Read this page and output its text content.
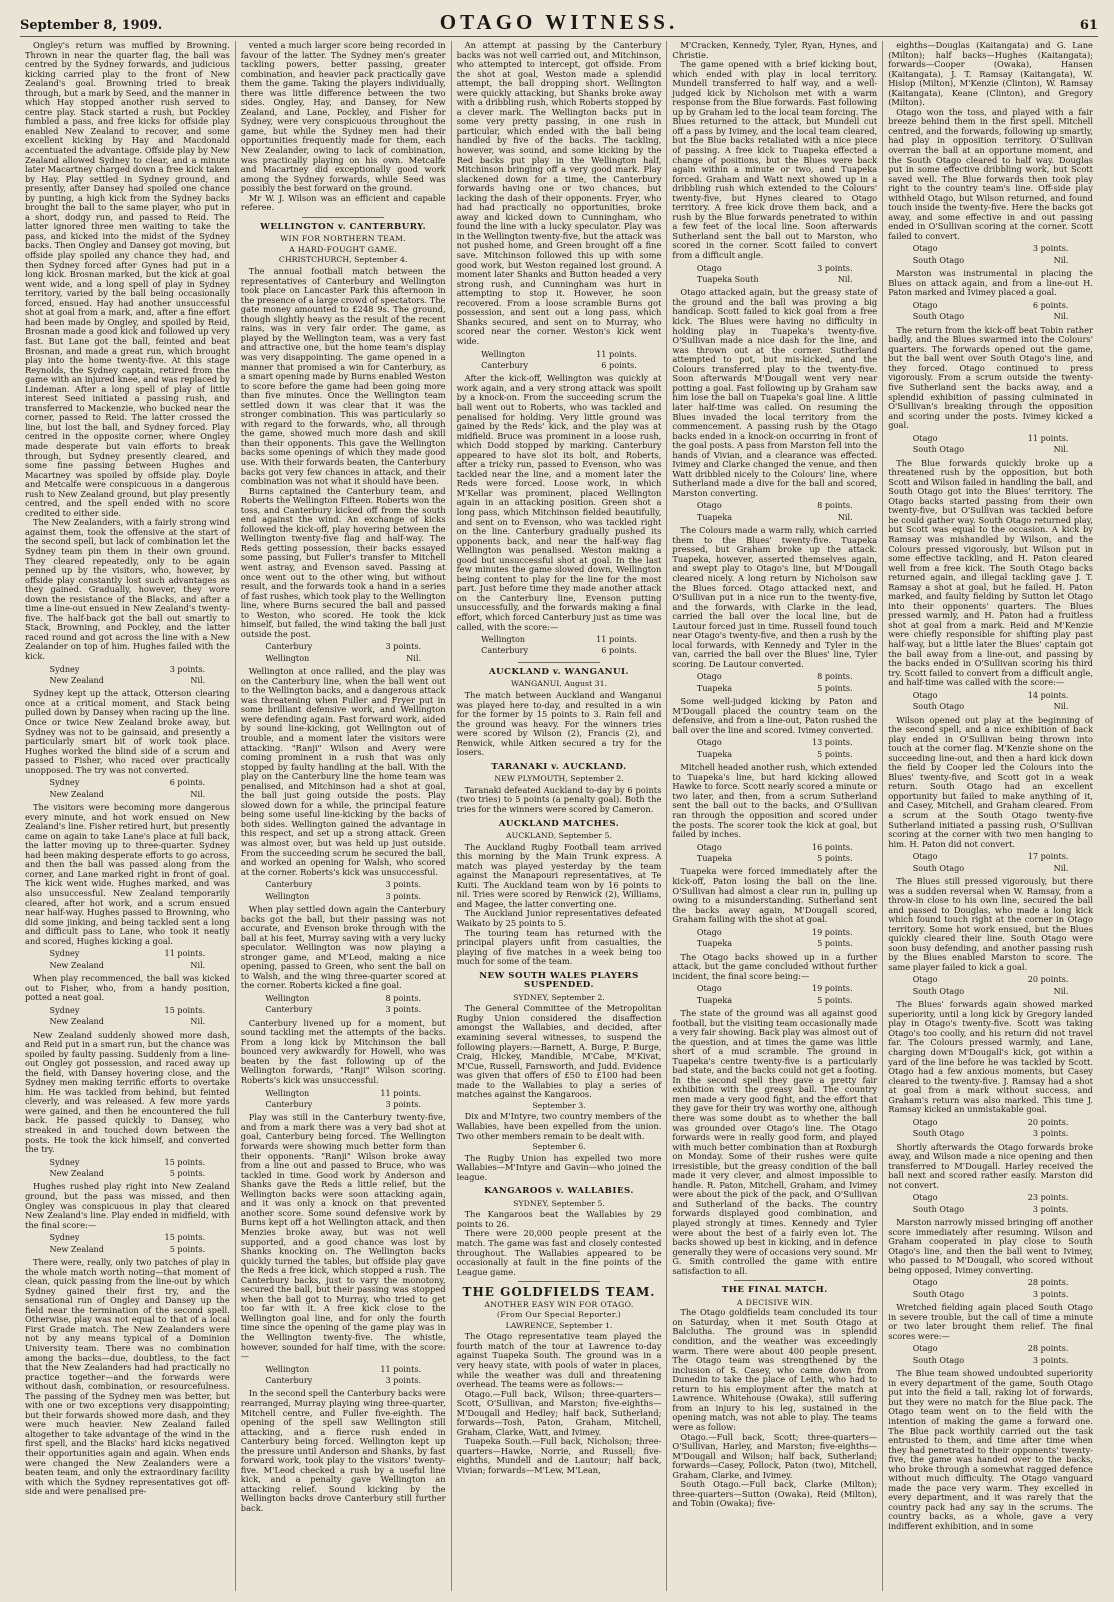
September 8, 1909.	OTAGO WITNESS.	61

Ongley's return was muffled by Browning. Thrown in near the quarter flag, the ball was centred by the Sydney forwards, and judicious kicking carried play to the front of New Zealand's goal. Browning tried to break through, but a mark by Seed, and the manner in which Hay stopped another rush served to centre play. Stack started a rush, but Pockley fumbled a pass, and free kicks for offside play enabled New Zealand to recover, and some excellent kicking by Hay and Macdonald accentuated the advantage. Offside play by New Zealand allowed Sydney to clear, and a minute later Macartney charged down a free kick taken by Hay. Play settled in Sydney ground, and presently, after Dansey had spoiled one chance by punting, a high kick from the Sydney backs brought the ball to the same player, who put in a short, dodgy run, and passed to Reid. The latter ignored three men waiting to take the pass, and kicked into the midst of the Sydney backs. Then Ongley and Dansey got moving, but offside play spoiled any chance they had, and then Sydney forced after Gynes had put in a long kick. Brosnan marked, but the kick at goal went wide, and a long spell of play in Sydney territory, varied by the ball being occasionally forced, ensued. Hay had another unsuccessful shot at goal from a mark, and, after a fine effort had been made by Ongley, and spoiled by Reid, Brosnan made a good kick and followed up very fast. But Lane got the ball, feinted and beat Brosnan, and made a great run, which brought play into the home twenty-five. At this stage Reynolds, the Sydney captain, retired from the game with an injured knee, and was replaced by Lindeman. After a long spell of play of little interest Seed initiated a passing rush, and transferred to Mackenzie, who bucked near the corner, passed to Reid. The latter crossed the line, but lost the ball, and Sydney forced. Play centred in the opposite corner, where Ongley made desperate but vain efforts to break through, but Sydney presently cleared, and some fine passing between Hughes and Macartney was spoiled by offside play. Doyle and Metcalfe were conspicuous in a dangerous rush to New Zealand ground, but play presently centred, and the spell ended with no score credited to either side.

The New Zealanders, with a fairly strong wind against them, took the offensive at the start of the second spell, but lack of combination let the Sydney team pin them in their own ground. They cleared repeatedly, only to be again penned up by the visitors, who, however, by offside play constantly lost such advantages as they gained. Gradually, however, they wore down the resistance of the Blacks, and after a time a line-out ensued in New Zealand's twenty-five. The half-back got the ball out smartly to Stack, Browning, and Pockley, and the latter raced round and got across the line with a New Zealander on top of him. Hughes failed with the kick.

Sydney	3 points.
New Zealand	Nil.

Sydney kept up the attack, Otterson clearing once at a critical moment, and Stack being pulled down by Dansey when racing up the line. Once or twice New Zealand broke away, but Sydney was not to be gainsaid, and presently a particularly smart bit of work took place. Hughes worked the blind side of a scrum and passed to Fisher, who raced over practically unopposed. The try was not converted.

Sydney	6 points.
New Zealand	Nil.

The visitors were becoming more dangerous every minute, and hot work ensued on New Zealand's line. Fisher retired hurt, but presently came on again to take Lane's place at full back, the latter moving up to three-quarter. Sydney had been making desperate efforts to go across, and then the ball was passed along from the corner, and Lane marked right in front of goal. The kick went wide. Hughes marked, and was also unsuccessful. New Zealand temporarily cleared, after hot work, and a scrum ensued near half-way. Hughes passed to Browning, who did some jinking, and being tackled sent a long and difficult pass to Lane, who took it neatly and scored, Hughes kicking a goal.

Sydney	11 points.
New Zealand	Nil.

When play recommenced, the ball was kicked out to Fisher, who, from a handy position, potted a neat goal.

Sydney	15 points.
New Zealand	Nil.

New Zealand suddenly showed more dash, and Reid put in a smart run, but the chance was spoiled by faulty passing. Suddenly from a line-out Ongley got possession, and raced away up the field, with Dansey hovering close, and the Sydney men making terrific efforts to overtake him. He was tackled from behind, but feinted cleverly, and was released. A few more yards were gained, and then he encountered the full back. He passed quickly to Dansey, who streaked in and touched down between the posts. He took the kick himself, and converted the try.

Sydney	15 points.
New Zealand	5 points.

Hughes rushed play right into New Zealand ground, but the pass was missed, and then Ongley was conspicuous in play that cleared New Zealand's line. Play ended in midfield, with the final score:—

Sydney	15 points.
New Zealand	5 points.

There were, really, only two patches of play in the whole match worth noting—that moment of clean, quick passing from the line-out by which Sydney gained their first try, and the sensational run of Ongley and Dansey up the field near the termination of the second spell. Otherwise, play was not equal to that of a local First Grade match. The New Zealanders were not by any means typical of a Dominion University team. There was no combination among the backs—due, doubtless, to the fact that the New Zealanders had had practically no practice together—and the forwards were without dash, combination, or resourcefulness. The passing of the Sydney men was better, but with one or two exceptions very disappointing; but their forwards showed more dash, and they were much heavier. New Zealand failed altogether to take advantage of the wind in the first spell, and the Blacks' hard kicks negatived their opportunities again and again. When ends were changed the New Zealanders were a beaten team, and only the extraordinary facility with which the Sydney representatives got off-side and were penalised pre-

vented a much larger score being recorded in favour of the latter. The Sydney men's greater tackling powers, better passing, greater combination, and heavier pack practically gave them the game. Taking the players individually, there was little difference between the two sides. Ongley, Hay, and Dansey, for New Zealand, and Lane, Pockley, and Fisher for Sydney, were very conspicuous throughout the game, but while the Sydney men had their opportunities frequently made for them, each New Zealander, owing to lack of combination, was practically playing on his own. Metcalfe and Macartney did exceptionally good work among the Sydney forwards, while Seed was possibly the best forward on the ground.

Mr W. J. Wilson was an efficient and capable referee.

WELLINGTON v. CANTERBURY.
WIN FOR NORTHERN TEAM.
A HARD-FOUGHT GAME.
CHRISTCHURCH, September 4.

The annual football match between the representatives of Canterbury and Wellington took place on Lancaster Park this afternoon in the presence of a large crowd of spectators. The gate money amounted to £248 9s. The ground, though slightly heavy as the result of the recent rains, was in very fair order. The game, as played by the Wellington team, was a very fast and attractive one, but the home team's display was very disappointing. The game opened in a manner that promised a win for Canterbury, as a smart opening made by Burns enabled Weston to score before the game had been going more than five minutes. Once the Wellington team settled down it was clear that it was the stronger combination. This was particularly so with regard to the forwards, who, all through the game, showed much more dash and skill than their opponents. This gave the Wellington backs some openings of which they made good use. With their forwards beaten, the Canterbury backs got very few chances in attack, and their combination was not what it should have been.

Burns captained the Canterbury team, and Roberts the Wellington Fifteen. Roberts won the toss, and Canterbury kicked off from the south end against the wind. An exchange of kicks followed the kick-off, play hovering between the Wellington twenty-five flag and half-way. The Reds getting possession, their backs essayed some passing, but Fuller's transfer to Mitchell went astray, and Evenson saved. Passing at once went out to the other wing, but without result, and the forwards took a hand in a series of fast rushes, which took play to the Wellington line, where Burns secured the ball and passed to Weston, who scored. He took the kick himself, but failed, the wind taking the ball just outside the post.

Canterbury	3 points.
Wellington	Nil.

Wellington at once rallied, and the play was on the Canterbury line, when the ball went out to the Wellington backs, and a dangerous attack was threatening when Fuller and Fryer put in some brilliant defensive work, and Wellington were defending again. Fast forward work, aided by sound line-kicking, got Wellington out of trouble, and a moment later the visitors were attacking. "Ranji" Wilson and Avery were coming prominent in a rush that was only stopped by faulty handling at the ball. With the play on the Canterbury line the home team was penalised, and Mitchinson had a shot at goal, the ball just going outside the posts. Play slowed down for a while, the principal feature being some useful line-kicking by the backs of both sides. Wellington gained the advantage in this respect, and set up a strong attack. Green was almost over, but was held up just outside. From the succeeding scrum he secured the ball, and worked an opening for Walsh, who scored at the corner. Roberts's kick was unsuccessful.

Canterbury	3 points.
Wellington	3 points.

When play settled down again the Canterbury backs got the ball, but their passing was not accurate, and Evenson broke through with the ball at his feet, Murray saving with a very lucky speculator. Wellington was now playing a stronger game, and M'Leod, making a nice opening, passed to Green, who sent the ball on to Walsh, and the wing three-quarter scored at the corner. Roberts kicked a fine goal.

Wellington	8 points.
Canterbury	3 points.

Canterbury livened up for a moment, but sound tackling met the attempts of the backs. From a long kick by Mitchinson the ball bounced very awkwardly for Howell, who was beaten by the fast following up of the Wellington forwards, "Ranji" Wilson scoring. Roberts's kick was unsuccessful.

Wellington	11 points.
Canterbury	3 points.

Play was still in the Canterbury twenty-five, and from a mark there was a very bad shot at goal, Canterbury being forced. The Wellington forwards were showing much better form than their opponents. "Ranji" Wilson broke away from a line out and passed to Bruce, who was tackled in time. Good work by Anderson and Shanks gave the Reds a little relief, but the Wellington backs were soon attacking again, and it was only a knock on that prevented another score. Some sound defensive work by Burns kept off a hot Wellington attack, and then Menzies broke away, but was not well supported, and a good chance was lost by Shanks knocking on. The Wellington backs quickly turned the tables, but offside play gave the Reds a free kick, which stopped a rush. The Canterbury backs, just to vary the monotony, secured the ball, but their passing was stopped when the ball got to Murray, who tried to get too far with it. A free kick close to the Wellington goal line, and for only the fourth time since the opening of the game play was in the Wellington twenty-five. The whistle, however, sounded for half time, with the score:—

Wellington	11 points.
Canterbury	3 points.

In the second spell the Canterbury backs were rearranged, Murray playing wing three-quarter, Mitchell centre, and Fuller five-eighth. The opening of the spell saw Wellington still attacking, and a fierce rush ended in Canterbury being forced. Wellington kept up the pressure until Anderson and Shanks, by fast forward work, took play to the visitors' twenty-five. M'Leod checked a rush by a useful line kick, and a penalty gave Wellington an attacking relief. Sound kicking by the Wellington backs drove Canterbury still further back.

An attempt at passing by the Canterbury backs was not well carried out, and Mitchinson, who attempted to intercept, got offside. From the shot at goal, Weston made a splendid attempt, the ball dropping short. Wellington were quickly attacking, but Shanks broke away with a dribbling rush, which Roberts stopped by a clever mark. The Wellington backs put in some very pretty passing, in one rush in particular, which ended with the ball being handled by five of the backs. The tackling, however, was sound, and some kicking by the Red backs put play in the Wellington half, Mitchinson bringing off a very good mark. Play slackened down for a time, the Canterbury forwards having one or two chances, but lacking the dash of their opponents. Fryer, who had had practically no opportunities, broke away and kicked down to Cunningham, who found the line with a lucky speculator. Play was in the Wellington twenty-five, but the attack was not pushed home, and Green brought off a fine save. Mitchinson followed this up with some good work, but Weston regained lost ground. A moment later Shanks and Button headed a very strong rush, and Cunningham was hurt in attempting to stop it. However, he soon recovered. From a loose scramble Burns got possession, and sent out a long pass, which Shanks secured, and sent on to Murray, who scored near the corner. Weston's kick went wide.

Wellington	11 points.
Canterbury	6 points.

After the kick-off, Wellington was quickly at work again, and a very strong attack was spoilt by a knock-on. From the succeeding scrum the ball went out to Roberts, who was tackled and penalised for holding. Very little ground was gained by the Reds' kick, and the play was at midfield. Bruce was prominent in a loose rush, which Dodd stopped by marking. Canterbury appeared to have slot its bolt, and Roberts, after a tricky run, passed to Evenson, who was tackled near the line, and a moment later the Reds were forced. Loose work, in which M'Kellar was prominent, placed Wellington again in an attacking position. Green shot a long pass, which Mitchinson fielded beautifully, and sent on to Evenson, who was tackled right on the line. Canterbury gradually pushed its opponents back, and near the half-way flag Wellington was penalised. Weston making a good but unsuccessful shot at goal. In the last few minutes the game slowed down, Wellington being content to play for the line for the most part. Just before time they made another attack on the Canterbury line, Evenson putting unsuccessfully, and the forwards making a final effort, which forced Canterbury just as time was called, with the score:—

Wellington	11 points.
Canterbury	6 points.
AUCKLAND v. WANGANUI.
WANGANUI, August 31.

The match between Auckland and Wanganui was played here to-day, and resulted in a win for the former by 15 points to 3. Rain fell and the ground was heavy. For the winners tries were scored by Wilson (2), Francis (2), and Renwick, while Aitken secured a try for the losers.

TARANAKI v. AUCKLAND.
NEW PLYMOUTH, September 2.

Taranaki defeated Auckland to-day by 6 points (two tries) to 5 points (a penalty goal). Both the tries for the winners were scored by Cameron.

AUCKLAND MATCHES.
AUCKLAND, September 5.

The Auckland Rugby Football team arrived this morning by the Main Trunk express. A match was played yesterday by the team against the Manapouri representatives, at Te Kuiti. The Auckland team won by 16 points to nil. Tries were scored by Renwick (2), Williams, and Magee, the latter converting one.

The Auckland Junior representatives defeated Waikato by 25 points to 5.

The touring team has returned with the principal players unfit from casualties, the playing of five matches in a week being too much for some of the team.

NEW SOUTH WALES PLAYERS SUSPENDED.
SYDNEY, September 2.

The General Committee of the Metropolitan Rugby Union considered the disaffection amongst the Wallabies, and decided, after examining several witnesses, to suspend the following players:—Barnett, A. Burge, P. Burge, Craig, Hickey, Mandible, M'Cabe, M'Kivat, M'Cue, Russell, Farnsworth, and Judd. Evidence was given that offers of £50 to £100 had been made to the Wallabies to play a series of matches against the Kangaroos.

September 3.

Dix and M'Intyre, two country members of the Wallabies, have been expelled from the union. Two other members remain to be dealt with.

September 6.

The Rugby Union has expelled two more Wallabies—M'Intyre and Gavin—who joined the league.

KANGAROOS v. WALLABIES.
SYDNEY, September 5.

The Kangaroos beat the Wallabies by 29 points to 26.

There were 20,000 people present at the match. The game was fast and closely contested throughout. The Wallabies appeared to be occasionally at fault in the fine points of the League game.

THE GOLDFIELDS TEAM.
ANOTHER EASY WIN FOR OTAGO.
(From Our Special Reporter.)
LAWRENCE, September 1.

The Otago representative team played the fourth match of the tour at Lawrence to-day against Tuapeka South. The ground was in a very heavy state, with pools of water in places, while the weather was dull and threatening overhead. The teams were as follows:—

Otago.—Full back, Wilson; three-quarters—Scott, O'Sullivan, and Marston; five-eighths—M'Dougall and Hedley; half back, Sutherland; forwards—Tosh, Paton, Graham, Mitchell, Graham, Clarke, Watt, and Ivimey.

Tuapeka South.—Full back, Nicholson; three-quarters—Hawke, Norrie, and Russell; five-eighths, Mundell and de Lautour; half back, Vivian; forwards—M'Lew, M'Lean,

M'Cracken, Kennedy, Tyler, Ryan, Hynes, and Christie.

The game opened with a brief kicking bout, which ended with play in local territory. Mundell transferred to half way, and a well-judged kick by Nicholson met with a warm response from the Blue forwards. Fast following up by Graham led to the local team forcing. The Blues returned to the attack, but Mundell cut off a pass by Ivimey, and the local team cleared, but the Blue backs retaliated with a nice piece of passing. A free kick to Tuapeka effected a change of positions, but the Blues were back again within a minute or two, and Tuapeka forced. Graham and Watt next showed up in a dribbling rush which extended to the Colours' twenty-five, but Hynes cleared to Otago territory. A free kick drove them back, and a rush by the Blue forwards penetrated to within a few feet of the local line. Soon afterwards Sutherland sent the ball out to Marston, who scored in the corner. Scott failed to convert from a difficult angle.

Otago	3 points.
Tuapeka South	Nil.

Otago attacked again, but the greasy state of the ground and the ball was proving a big handicap. Scott failed to kick goal from a free kick. The Blues were having no difficulty in holding play in Tuapeka's twenty-five. O'Sullivan made a nice dash for the line, and was thrown out at the corner. Sutherland attempted to pot, but mis-kicked, and the Colours transferred play to the twenty-five. Soon afterwards M'Dougall went very near potting a goal. Fast following up by Graham saw him lose the ball on Tuapeka's goal line. A little later half-time was called. On resuming the Blues invaded the local territory from the commencement. A passing rush by the Otago backs ended in a knock-on occurring in front of the goal posts. A pass from Marston fell into the hands of Vivian, and a clearance was effected. Ivimey and Clarke changed the venue, and then Watt dribbled nicely to the Colours' line, where Sutherland made a dive for the ball and scored, Marston converting.

Otago	8 points.
Tuapeka	Nil.

The Colours made a warm rally, which carried them to the Blues' twenty-five. Tuapeka pressed, but Graham broke up the attack. Tuapeka, however, asserted themselves again, and swept play to Otago's line, but M'Dougall cleared nicely. A long return by Nicholson saw the Blues forced. Otago attacked next, and O'Sullivan put in a nice run to the twenty-five, and the forwards, with Clarke in the lead, carried the ball over the local line, but de Lautour forced just in time. Russell found touch near Otago's twenty-five, and then a rush by the local forwards, with Kennedy and Tyler in the van, carried the ball over the Blues' line, Tyler scoring. De Lautour converted.

Otago	8 points.
Tuapeka	5 points.

Some well-judged kicking by Paton and M'Dougall placed the country team on the defensive, and from a line-out, Paton rushed the ball over the line and scored. Ivimey converted.

Otago	13 points.
Tuapeka	5 points.

Mitchell headed another rush, which extended to Tuapeka's line, but hard kicking allowed Hawke to force. Scott nearly scored a minute or two later, and then, from a scrum Sutherland sent the ball out to the backs, and O'Sullivan ran through the opposition and scored under the posts. The scorer took the kick at goal, but failed by inches.

Otago	16 points.
Tuapeka	5 points.

Tuapeka were forced immediately after the kick-off, Paton losing the ball on the line. O'Sullivan had almost a clear run in, pulling up owing to a misunderstanding. Sutherland sent the backs away again, M'Dougall scored, Graham failing with the shot at goal.

Otago	19 points.
Tuapeka	5 points.

The Otago backs showed up in a further attack, but the game concluded without further incident, the final score being:—

Otago	19 points.
Tuapeka	5 points.

The state of the ground was all against good football, but the visiting team occasionally made a very fair showing. Back play was almost out of the question, and at times the game was little short of a mud scramble. The ground in Tuapeka's centre twenty-five is a particularly bad state, and the backs could not get a footing. In the second spell they gave a pretty fair exhibition with the greasy ball. The country men made a very good fight, and the effort that they gave for their try was worthy one, although there was some doubt as to whether the ball was grounded over Otago's line. The Otago forwards were in really good form, and played with much better combination than at Roxburgh on Monday. Some of their rushes were quite irresistible, but the greasy condition of the ball made it very clever, and almost impossible to handle. R. Paton, Mitchell, Graham, and Ivimey were about the pick of the pack, and O'Sullivan and Sutherland of the backs. The country forwards displayed good combination, and played strongly at times. Kennedy and Tyler were about the best of a fairly even lot. The backs showed up best in kicking, and in defence generally they were of occasions very sound. Mr G. Smith controlled the game with entire satisfaction to all.

THE FINAL MATCH.
A DECISIVE WIN.

The Otago goldfields team concluded its tour on Saturday, when it met South Otago at Balclutha. The ground was in splendid condition, and the weather was exceedingly warm. There were about 400 people present. The Otago team was strengthened by the inclusion of S. Casey, who came down from Dunedin to take the place of Leith, who had to return to his employment after the match at Lawrence. Whitehouse (Owaka), still suffering from an injury to his leg, sustained in the opening match, was not able to play. The teams were as follow:

Otago.—Full back, Scott; three-quarters—O'Sullivan, Harley, and Marston; five-eighths—M'Dougall and Wilson; half back, Sutherland; forwards—Casey, Pollock, Paton (two), Mitchell, Graham, Clarke, and Ivimey.

South Otago.—Full back, Clarke (Milton); three-quarters—Sutton (Owaka), Reid (Milton), and Tobin (Owaka); five-

eighths—Douglas (Kaitangata) and G. Lane (Milton); half backs—Hughes (Kaitangata); forwards—Cooper (Owaka), Hansen (Kaitangata), J. T. Ramsay (Kaitangata), W. Hislop (Milton), M'Kenzie (Clinton), W. Ramsay (Kaitangata), Keane (Clinton), and Gregory (Milton).

Otago won the toss, and played with a fair breeze behind them in the first spell. Mitchell centred, and the forwards, following up smartly, had play in opposition territory. O'Sullivan overran the ball at an opportune moment, and the South Otago cleared to half way. Douglas put in some effective dribbling work, but Scott saved well. The Blue forwards then took play right to the country team's line. Off-side play withheld Otago, but Wilson returned, and found touch inside the twenty-five. Here the backs got away, and some effective in and out passing ended in O'Sullivan scoring at the corner. Scott failed to convert.

Otago	3 points.
South Otago	Nil.

Marston was instrumental in placing the Blues on attack again, and from a line-out H. Paton marked and Ivimey placed a goal.

Otago	6 points.
South Otago	Nil.

The return from the kick-off beat Tobin rather badly, and the Blues swarmed into the Colours' quarters. The forwards opened out the game, but the ball went over South Otago's line, and they forced. Otago continued to press vigorously. From a scrum outside the twenty-five Sutherland sent the backs away, and a splendid exhibition of passing culminated in O'Sullivan's breaking through the opposition and scoring under the posts. Ivimey kicked a goal.

Otago	11 points.
South Otago	Nil.

The Blue forwards quickly broke up a threatened rush by the opposition, but both Scott and Wilson failed in handling the ball, and South Otago got into the Blues' territory. The Otago backs started passing from their own twenty-five, but O'Sullivan was tackled before he could gather way. South Otago returned play, but Scott was equal to the occasion. A kick by Ramsay was mishandled by Wilson, and the Colours pressed vigorously, but Wilson put in some effective tackling, and H. Paton cleared well from a free kick. The South Otago backs returned again, and illegal tackling gave J. T. Ramsay a shot at goal, but he failed. H. Paton marked, and faulty fielding by Sutton let Otago into their opponents' quarters. The Blues pressed warmly, and H. Paton had a fruitless shot at goal from a mark. Reid and M'Kenzie were chiefly responsible for shifting play past half-way, but a little later the Blues' captain got the ball away from a line-out, and passing by the backs ended in O'Sullivan scoring his third try. Scott failed to convert from a difficult angle, and half-time was called with the score:—

Otago	14 points.
South Otago	Nil.

Wilson opened out play at the beginning of the second spell, and a nice exhibition of back play ended in O'Sullivan being thrown into touch at the corner flag. M'Kenzie shone on the succeeding line-out, and then a hard kick down the field by Cooper led the Colours into the Blues' twenty-five, and Scott got in a weak return. South Otago had an excellent opportunity but failed to make anything of it, and Casey, Mitchell, and Graham cleared. From a scrum at the South Otago twenty-five Sutherland initiated a passing rush, O'Sullivan scoring at the corner with two men hanging to him. H. Paton did not convert.

Otago	17 points.
South Otago	Nil.

The Blues still pressed vigorously, but there was a sudden reversal when W. Ramsay, from a throw-in close to his own line, secured the ball and passed to Douglas, who made a long kick which found touch right at the corner in Otago territory. Some hot work ensued, but the Blues quickly cleared their line. South Otago were soon busy defending, and another passing rush by the Blues enabled Marston to score. The same player failed to kick a goal.

Otago	20 points.
South Otago	Nil.

The Blues' forwards again showed marked superiority, until a long kick by Gregory landed play in Otago's twenty-five. Scott was taking Otago's too coolly, and his return did not travel far. The Colours pressed warmly, and Lane, charging down M'Dougall's kick, got within a yard of the line before he was tackled by Scott. Otago had a few anxious moments, but Casey cleared to the twenty-five. J. Ramsay had a shot at goal from a mark without success, and Graham's return was also marked. This time J. Ramsay kicked an unmistakable goal.

Otago	20 points.
South Otago	3 points.

Shortly afterwards the Otago forwards broke away, and Wilson made a nice opening and then transferred to M'Dougall. Harley received the ball next and scored rather easily. Marston did not convert.

Otago	23 points.
South Otago	3 points.

Marston narrowly missed bringing off another score immediately after resuming. Wilson and Graham cooperated in play close to South Otago's line, and then the ball went to Ivimey, who passed to M'Dougall, who scored without being opposed, Ivimey converting.

Otago	28 points.
South Otago	3 points.

Wretched fielding again placed South Otago in severe trouble, but the call of time a minute or two later brought them relief. The final scores were:—

Otago	28 points.
South Otago	3 points.

The Blue team showed undoubted superiority in every department of the game, South Otago put into the field a tall, raking lot of forwards, but they were no match for the Blue pack. The Otago team went on to the field with the intention of making the game a forward one. The Blue pack worthily carried out the task entrusted to them, and time after time when they had penetrated to their opponents' twenty-five, the game was handed over to the backs, who broke through a somewhat ragged defence without much difficulty. The Otago vanguard made the pace very warm. They excelled in every department, and it was rarely that the country pack had any say in the scrums. The country backs, as a whole, gave a very indifferent exhibition, and in some
